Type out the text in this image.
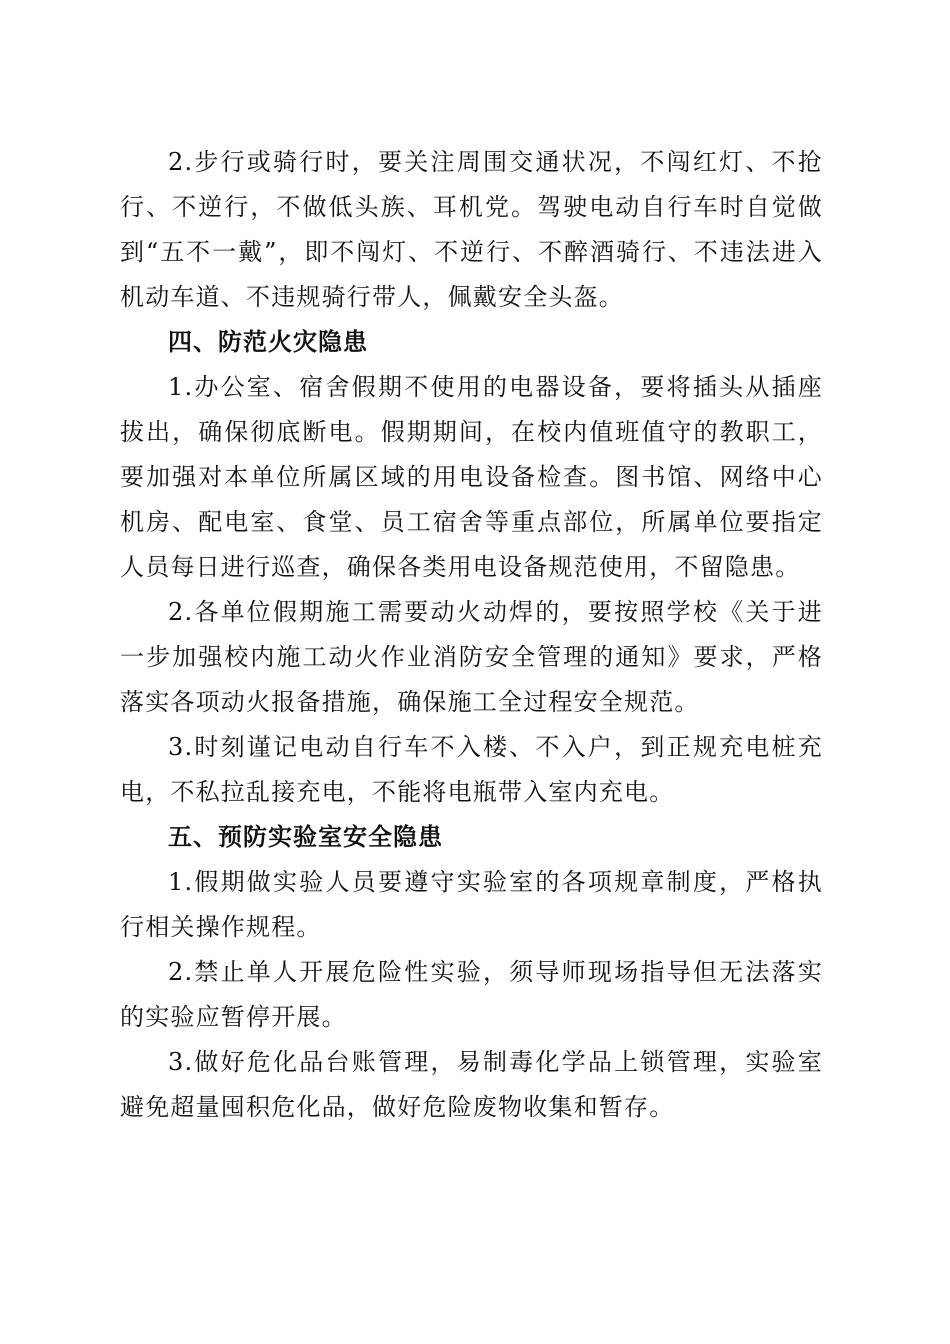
2.步行或骑行时，要关注周围交通状况，不闯红灯、不抢行、不逆行，不做低头族、耳机党。驾驶电动自行车时自觉做到“五不一戴”，即不闯灯、不逆行、不醉酒骑行、不违法进入机动车道、不违规骑行带人，佩戴安全头盔。

四、防范火灾隐患

1.办公室、宿舍假期不使用的电器设备，要将插头从插座拔出，确保彻底断电。假期期间，在校内值班值守的教职工，要加强对本单位所属区域的用电设备检查。图书馆、网络中心机房、配电室、食堂、员工宿舍等重点部位，所属单位要指定人员每日进行巡查，确保各类用电设备规范使用，不留隐患。

2.各单位假期施工需要动火动焊的，要按照学校《关于进一步加强校内施工动火作业消防安全管理的通知》要求，严格落实各项动火报备措施，确保施工全过程安全规范。

3.时刻谨记电动自行车不入楼、不入户，到正规充电桩充电，不私拉乱接充电，不能将电瓶带入室内充电。

五、预防实验室安全隐患

1.假期做实验人员要遵守实验室的各项规章制度，严格执行相关操作规程。

2.禁止单人开展危险性实验，须导师现场指导但无法落实的实验应暂停开展。

3.做好危化品台账管理，易制毒化学品上锁管理，实验室避免超量囤积危化品，做好危险废物收集和暂存。
